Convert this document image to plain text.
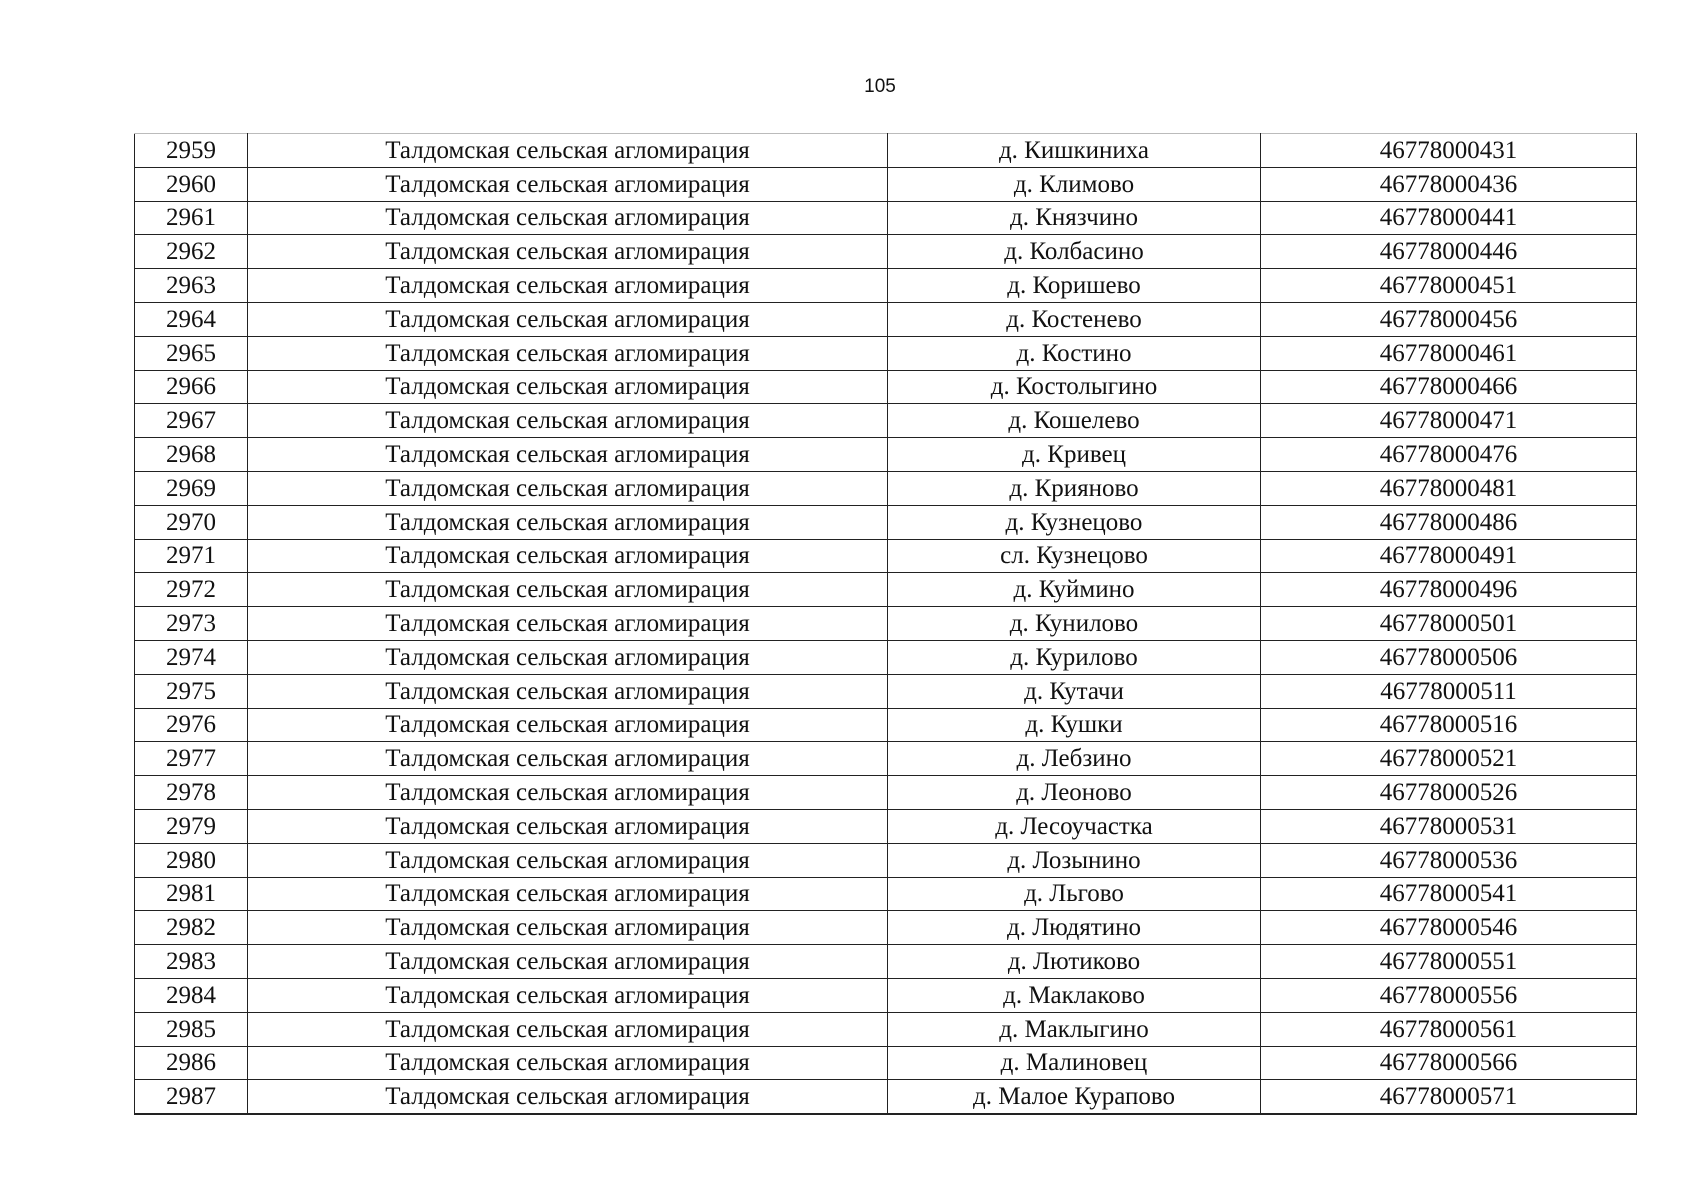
105
2959	Талдомская сельская агломирация	д. Кишкиниха	46778000431
2960	Талдомская сельская агломирация	д. Климово	46778000436
2961	Талдомская сельская агломирация	д. Князчино	46778000441
2962	Талдомская сельская агломирация	д. Колбасино	46778000446
2963	Талдомская сельская агломирация	д. Коришево	46778000451
2964	Талдомская сельская агломирация	д. Костенево	46778000456
2965	Талдомская сельская агломирация	д. Костино	46778000461
2966	Талдомская сельская агломирация	д. Костолыгино	46778000466
2967	Талдомская сельская агломирация	д. Кошелево	46778000471
2968	Талдомская сельская агломирация	д. Кривец	46778000476
2969	Талдомская сельская агломирация	д. Крияново	46778000481
2970	Талдомская сельская агломирация	д. Кузнецово	46778000486
2971	Талдомская сельская агломирация	сл. Кузнецово	46778000491
2972	Талдомская сельская агломирация	д. Куймино	46778000496
2973	Талдомская сельская агломирация	д. Кунилово	46778000501
2974	Талдомская сельская агломирация	д. Курилово	46778000506
2975	Талдомская сельская агломирация	д. Кутачи	46778000511
2976	Талдомская сельская агломирация	д. Кушки	46778000516
2977	Талдомская сельская агломирация	д. Лебзино	46778000521
2978	Талдомская сельская агломирация	д. Леоново	46778000526
2979	Талдомская сельская агломирация	д. Лесоучастка	46778000531
2980	Талдомская сельская агломирация	д. Лозынино	46778000536
2981	Талдомская сельская агломирация	д. Льгово	46778000541
2982	Талдомская сельская агломирация	д. Людятино	46778000546
2983	Талдомская сельская агломирация	д. Лютиково	46778000551
2984	Талдомская сельская агломирация	д. Маклаково	46778000556
2985	Талдомская сельская агломирация	д. Маклыгино	46778000561
2986	Талдомская сельская агломирация	д. Малиновец	46778000566
2987	Талдомская сельская агломирация	д. Малое Курапово	46778000571
